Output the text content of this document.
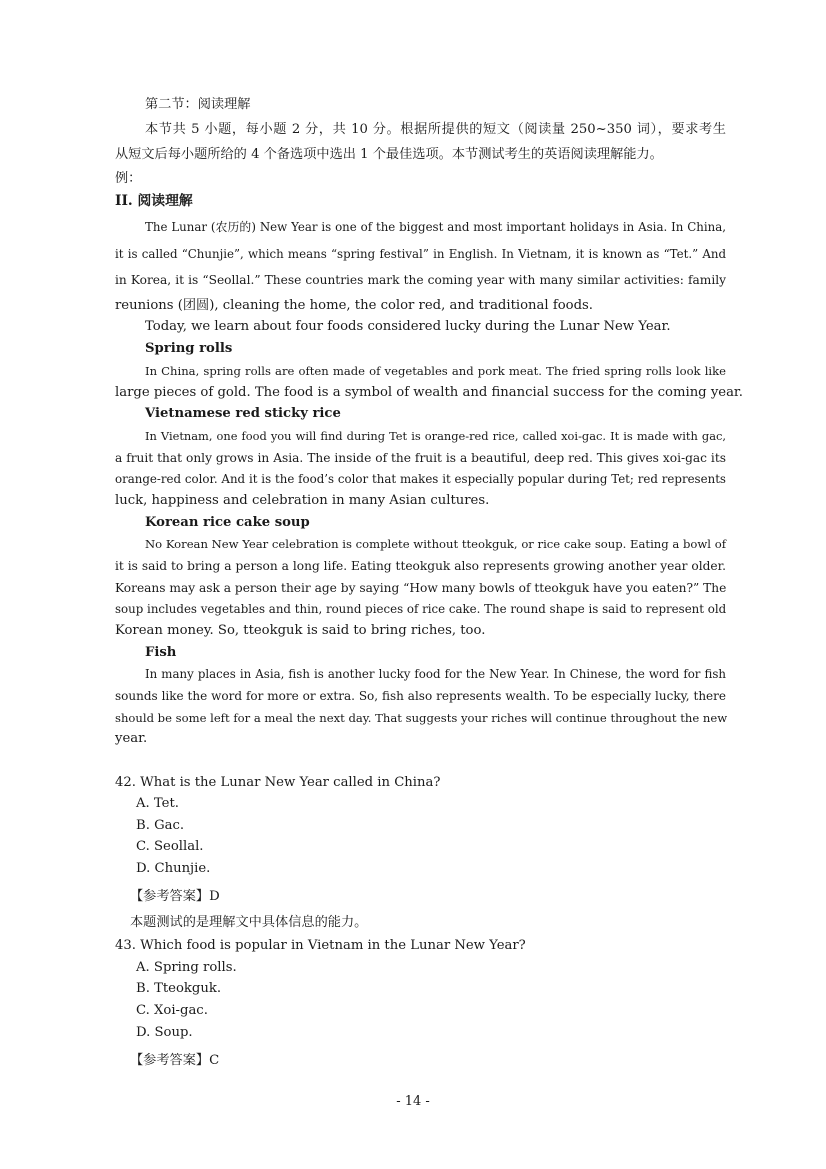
第二节：阅读理解
本节共 5 小题，每小题 2 分，共 10 分。根据所提供的短文（阅读量 250~350 词），要求考生
从短文后每小题所给的 4 个备选项中选出 1 个最佳选项。本节测试考生的英语阅读理解能力。
例：
II. 阅读理解
The Lunar (农历的) New Year is one of the biggest and most important holidays in Asia. In China,
it is called “Chunjie”, which means “spring festival” in English. In Vietnam, it is known as “Tet.” And
in Korea, it is “Seollal.” These countries mark the coming year with many similar activities: family
reunions (团圆), cleaning the home, the color red, and traditional foods.
Today, we learn about four foods considered lucky during the Lunar New Year.
Spring rolls
In China, spring rolls are often made of vegetables and pork meat. The fried spring rolls look like
large pieces of gold. The food is a symbol of wealth and financial success for the coming year.
Vietnamese red sticky rice
In Vietnam, one food you will find during Tet is orange-red rice, called xoi-gac. It is made with gac,
a fruit that only grows in Asia. The inside of the fruit is a beautiful, deep red. This gives xoi-gac its
orange-red color. And it is the food’s color that makes it especially popular during Tet; red represents
luck, happiness and celebration in many Asian cultures.
Korean rice cake soup
No Korean New Year celebration is complete without tteokguk, or rice cake soup. Eating a bowl of
it is said to bring a person a long life. Eating tteokguk also represents growing another year older.
Koreans may ask a person their age by saying “How many bowls of tteokguk have you eaten?” The
soup includes vegetables and thin, round pieces of rice cake. The round shape is said to represent old
Korean money. So, tteokguk is said to bring riches, too.
Fish
In many places in Asia, fish is another lucky food for the New Year. In Chinese, the word for fish
sounds like the word for more or extra. So, fish also represents wealth. To be especially lucky, there
should be some left for a meal the next day. That suggests your riches will continue throughout the new
year.
42. What is the Lunar New Year called in China?
A. Tet.
B. Gac.
C. Seollal.
D. Chunjie.
【参考答案】D
本题测试的是理解文中具体信息的能力。
43. Which food is popular in Vietnam in the Lunar New Year?
A. Spring rolls.
B. Tteokguk.
C. Xoi-gac.
D. Soup.
【参考答案】C
- 14 -
